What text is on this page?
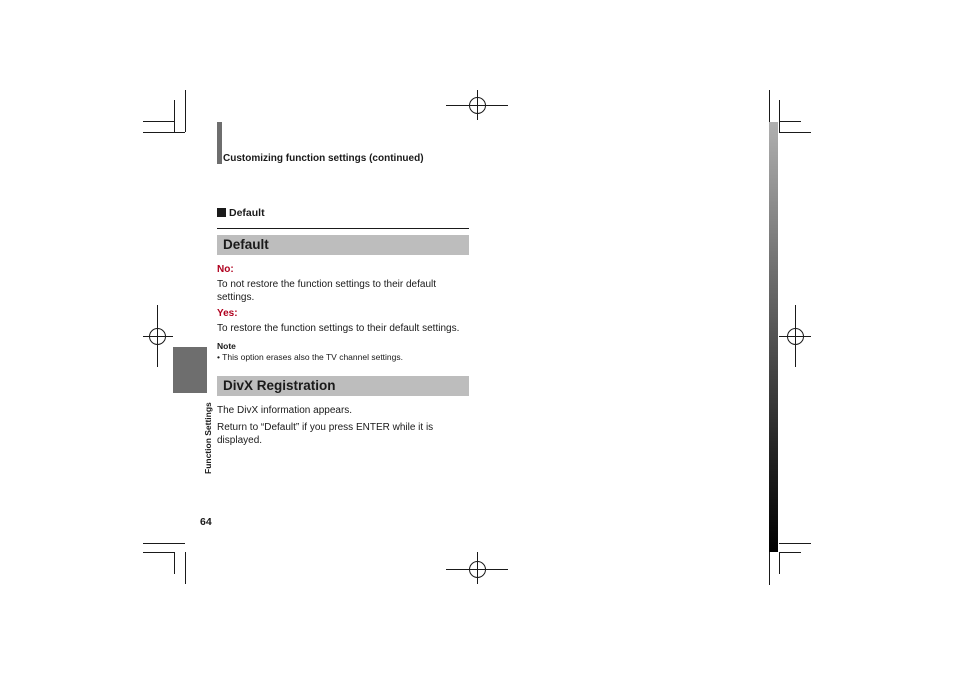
Customizing function settings (continued)
Default
Default
No:
To not restore the function settings to their default settings.
Yes:
To restore the function settings to their default settings.
Note
• This option erases also the TV channel settings.
DivX Registration
The DivX information appears.
Return to “Default” if you press ENTER while it is displayed.
Function Settings
64
